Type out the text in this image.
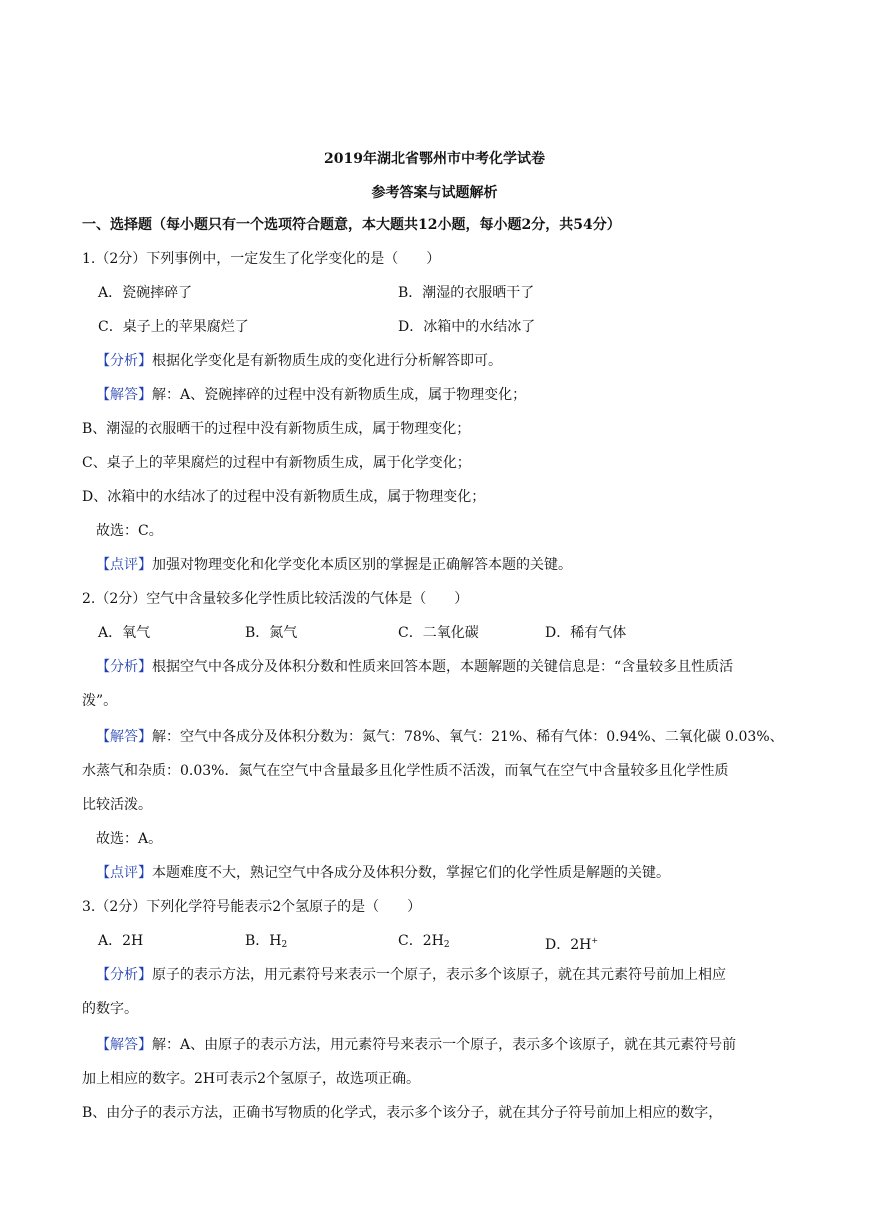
2019年湖北省鄂州市中考化学试卷
参考答案与试题解析
一、选择题（每小题只有一个选项符合题意，本大题共12小题，每小题2分，共54分）
1.（2分）下列事例中，一定发生了化学变化的是（　　）
A．瓷碗摔碎了	B．潮湿的衣服晒干了
C．桌子上的苹果腐烂了	D．冰箱中的水结冰了
【分析】根据化学变化是有新物质生成的变化进行分析解答即可。
【解答】解：A、瓷碗摔碎的过程中没有新物质生成，属于物理变化；
B、潮湿的衣服晒干的过程中没有新物质生成，属于物理变化；
C、桌子上的苹果腐烂的过程中有新物质生成，属于化学变化；
D、冰箱中的水结冰了的过程中没有新物质生成，属于物理变化；
故选：C。
【点评】加强对物理变化和化学变化本质区别的掌握是正确解答本题的关键。
2.（2分）空气中含量较多化学性质比较活泼的气体是（　　）
A．氧气	B．氮气	C．二氧化碳	D．稀有气体
【分析】根据空气中各成分及体积分数和性质来回答本题，本题解题的关键信息是：“含量较多且性质活
泼”。
【解答】解：空气中各成分及体积分数为：氮气：78%、氧气：21%、稀有气体：0.94%、二氧化碳 0.03%、
水蒸气和杂质：0.03%．氮气在空气中含量最多且化学性质不活泼，而氧气在空气中含量较多且化学性质
比较活泼。
故选：A。
【点评】本题难度不大，熟记空气中各成分及体积分数，掌握它们的化学性质是解题的关键。
3.（2分）下列化学符号能表示2个氢原子的是（　　）
A．2H	B．$H_2$	C．$2H_2$	D．2H+
【分析】原子的表示方法，用元素符号来表示一个原子，表示多个该原子，就在其元素符号前加上相应
的数字。
【解答】解：A、由原子的表示方法，用元素符号来表示一个原子，表示多个该原子，就在其元素符号前
加上相应的数字。2H可表示2个氢原子，故选项正确。
B、由分子的表示方法，正确书写物质的化学式，表示多个该分子，就在其分子符号前加上相应的数字，
